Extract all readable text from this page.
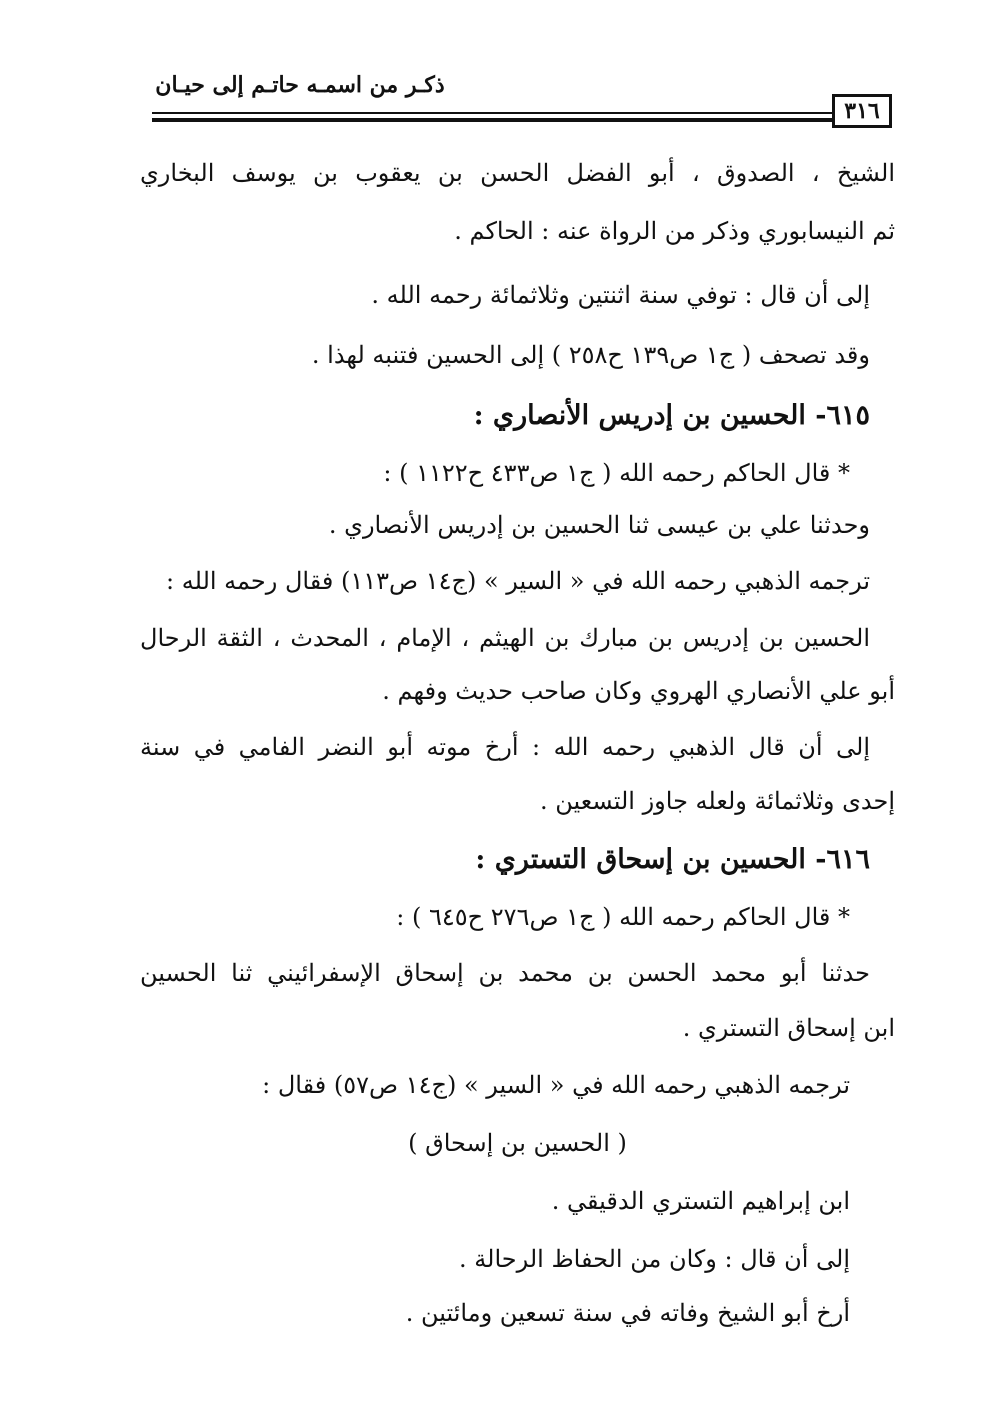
ذكـر من اسمـه حاتـم إلى حيـان
٣١٦
الشيخ ، الصدوق ، أبو الفضل الحسن بن يعقوب بن يوسف البخاري
ثم النيسابوري وذكر من الرواة عنه : الحاكم .
إلى أن قال : توفي سنة اثنتين وثلاثمائة رحمه الله .
وقد تصحف ( ج١ ص١٣٩ ح٢٥٨ ) إلى الحسين فتنبه لهذا .
٦١٥- الحسين بن إدريس الأنصاري :
* قال الحاكم رحمه الله ( ج١ ص٤٣٣ ح١١٢٢ ) :
وحدثنا علي بن عيسى ثنا الحسين بن إدريس الأنصاري .
ترجمه الذهبي رحمه الله في « السير » (ج١٤ ص١١٣) فقال رحمه الله :
الحسين بن إدريس بن مبارك بن الهيثم ، الإمام ، المحدث ، الثقة الرحال
أبو علي الأنصاري الهروي وكان صاحب حديث وفهم .
إلى أن قال الذهبي رحمه الله : أرخ موته أبو النضر الفامي في سنة
إحدى وثلاثمائة ولعله جاوز التسعين .
٦١٦- الحسين بن إسحاق التستري :
* قال الحاكم رحمه الله ( ج١ ص٢٧٦ ح٦٤٥ ) :
حدثنا أبو محمد الحسن بن محمد بن إسحاق الإسفرائيني ثنا الحسين
ابن إسحاق التستري .
ترجمه الذهبي رحمه الله في « السير » (ج١٤ ص٥٧) فقال :
( الحسين بن إسحاق )
ابن إبراهيم التستري الدقيقي .
إلى أن قال : وكان من الحفاظ الرحالة .
أرخ أبو الشيخ وفاته في سنة تسعين ومائتين .
